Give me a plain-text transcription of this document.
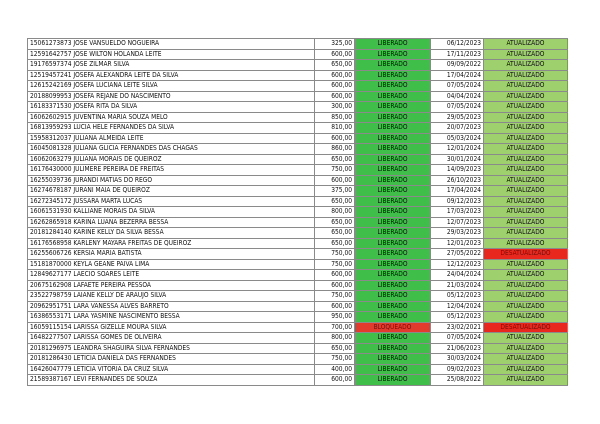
15061273873 JOSE VANSUELDO NOGUEIRA	325,00	LIBERADO	06/12/2023	ATUALIZADO
12591642757 JOSE WILTON HOLANDA LEITE	600,00	LIBERADO	17/11/2023	ATUALIZADO
19176597374 JOSE ZILMAR SILVA	650,00	LIBERADO	09/09/2022	ATUALIZADO
12519457241 JOSEFA ALEXANDRA LEITE DA SILVA	600,00	LIBERADO	17/04/2024	ATUALIZADO
12615242169 JOSEFA LUCIANA LEITE SILVA	600,00	LIBERADO	07/05/2024	ATUALIZADO
20188099953 JOSEFA REJANE DO NASCIMENTO	600,00	LIBERADO	04/04/2024	ATUALIZADO
16183371530 JOSEFA RITA DA SILVA	300,00	LIBERADO	07/05/2024	ATUALIZADO
16062602915 JUVENTINA MARIA SOUZA MELO	850,00	LIBERADO	29/05/2023	ATUALIZADO
16813959293 LUCIA HELE FERNANDES DA SILVA	810,00	LIBERADO	20/07/2023	ATUALIZADO
15958312037 JULIANA ALMEIDA LEITE	600,00	LIBERADO	05/03/2024	ATUALIZADO
16045081328 JULIANA GLICIA FERNANDES DAS CHAGAS	860,00	LIBERADO	12/01/2024	ATUALIZADO
16062063279 JULIANA MORAIS DE QUEIROZ	650,00	LIBERADO	30/01/2024	ATUALIZADO
16176430000 JULIMERE PEREIRA DE FREITAS	750,00	LIBERADO	14/09/2023	ATUALIZADO
16255039736 JURANDI MATIAS DO REGO	600,00	LIBERADO	26/10/2023	ATUALIZADO
16274678187 JURANI MAIA DE QUEIROZ	375,00	LIBERADO	17/04/2024	ATUALIZADO
16272345172 JUSSARA MARTA LUCAS	650,00	LIBERADO	09/12/2023	ATUALIZADO
16061531930 KALLIANE MORAIS DA SILVA	800,00	LIBERADO	17/03/2023	ATUALIZADO
16262865918 KARINA LUANA BEZERRA BESSA	650,00	LIBERADO	12/07/2023	ATUALIZADO
20181284140 KARINE KELLY DA SILVA BESSA	650,00	LIBERADO	29/03/2023	ATUALIZADO
16176568958 KARLENY MAYARA FREITAS DE QUEIROZ	650,00	LIBERADO	12/01/2023	ATUALIZADO
16255606726 KERSIA MARIA BATISTA	750,00	LIBERADO	27/05/2022	DESATUALIZADO
15181870000 KEYLA GEANE PAIVA LIMA	750,00	LIBERADO	12/12/2023	ATUALIZADO
12849627177 LAECIO SOARES LEITE	600,00	LIBERADO	24/04/2024	ATUALIZADO
20675162908 LAFAETE PEREIRA PESSOA	600,00	LIBERADO	21/03/2024	ATUALIZADO
23522798759 LAIANE KELLY DE ARAUJO SILVA	750,00	LIBERADO	05/12/2023	ATUALIZADO
20962951751 LARA VANESSA ALVES BARRETO	600,00	LIBERADO	12/04/2024	ATUALIZADO
16386553171 LARA YASMINE NASCIMENTO BESSA	950,00	LIBERADO	05/12/2023	ATUALIZADO
16059115154 LARISSA GIZELLE MOURA SILVA	700,00	BLOQUEADO	23/02/2021	DESATUALIZADO
16482277507 LARISSA GOMES DE OLIVEIRA	800,00	LIBERADO	07/05/2024	ATUALIZADO
20181296975 LEANDRA SHAGUIRA SILVA FERNANDES	650,00	LIBERADO	21/06/2023	ATUALIZADO
20181286430 LETICIA DANIELA DAS FERNANDES	750,00	LIBERADO	30/03/2024	ATUALIZADO
16426047779 LETICIA VITORIA DA CRUZ SILVA	400,00	LIBERADO	09/02/2023	ATUALIZADO
21589387167 LEVI FERNANDES DE SOUZA	600,00	LIBERADO	25/08/2022	ATUALIZADO
